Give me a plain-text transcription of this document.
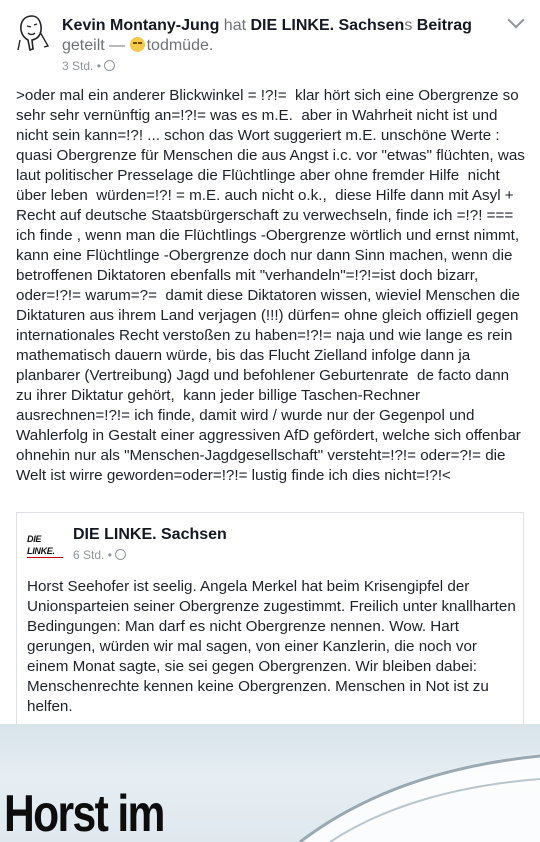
Kevin Montany-Jung hat DIE LINKE. Sachsens Beitrag
geteilt — todmüde.
3 Std. •
>oder mal ein anderer Blickwinkel = !?!=  klar hört sich eine Obergrenze so sehr sehr vernünftig an=!?!= was es m.E.  aber in Wahrheit nicht ist und nicht sein kann=!?! ... schon das Wort suggeriert m.E. unschöne Werte : quasi Obergrenze für Menschen die aus Angst i.c. vor "etwas" flüchten, was laut politischer Presselage die Flüchtlinge aber ohne fremder Hilfe  nicht über leben  würden=!?! = m.E. auch nicht o.k.,  diese Hilfe dann mit Asyl + Recht auf deutsche Staatsbürgerschaft zu verwechseln, finde ich =!?! ===  ich finde , wenn man die Flüchtlings -Obergrenze wörtlich und ernst nimmt, kann eine Flüchtlinge -Obergrenze doch nur dann Sinn machen, wenn die betroffenen Diktatoren ebenfalls mit "verhandeln"=!?!=ist doch bizarr, oder=!?!= warum=?=  damit diese Diktatoren wissen, wieviel Menschen die Diktaturen aus ihrem Land verjagen (!!!) dürfen= ohne gleich offiziell gegen internationales Recht verstoßen zu haben=!?!= naja und wie lange es rein mathematisch dauern würde, bis das Flucht Zielland infolge dann ja planbarer (Vertreibung) Jagd und befohlener Geburtenrate  de facto dann  zu ihrer Diktatur gehört,  kann jeder billige Taschen-Rechner ausrechnen=!?!= ich finde, damit wird / wurde nur der Gegenpol und Wahlerfolg in Gestalt einer aggressiven AfD gefördert, welche sich offenbar ohnehin nur als "Menschen-Jagdgesellschaft" versteht=!?!= oder=?!= die Welt ist wirre geworden=oder=!?!= lustig finde ich dies nicht=!?!<
DIE LINKE.
DIE LINKE. Sachsen
6 Std. •
Horst Seehofer ist seelig. Angela Merkel hat beim Krisengipfel der Unionsparteien seiner Obergrenze zugestimmt. Freilich unter knallharten Bedingungen: Man darf es nicht Obergrenze nennen. Wow. Hart gerungen, würden wir mal sagen, von einer Kanzlerin, die noch vor einem Monat sagte, sie sei gegen Obergrenzen. Wir bleiben dabei: Menschenrechte kennen keine Obergrenzen. Menschen in Not ist zu helfen.
Horst im
